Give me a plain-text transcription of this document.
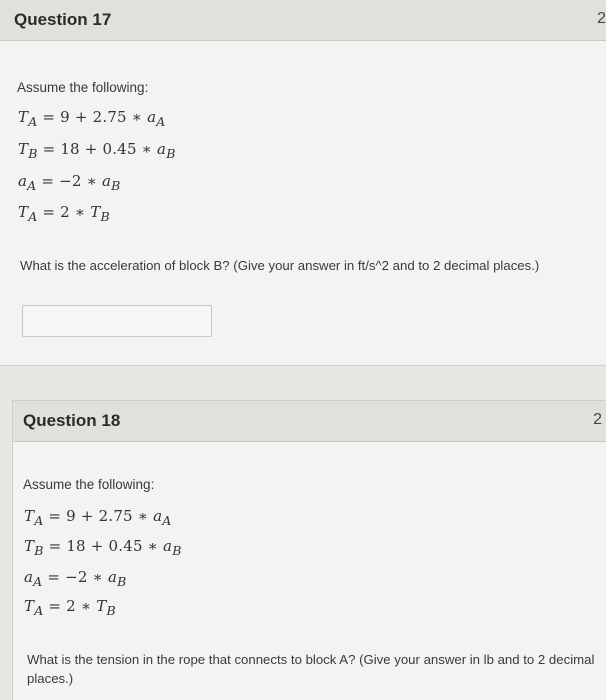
Question 17	2
Assume the following:
$T_A = 9 + 2.75$ ∗ $a_A$
$T_B = 18 + 0.45$ ∗ $a_B$
$a_A = -2$ ∗ $a_B$
$T_A = 2$ ∗ $T_B$
What is the acceleration of block B? (Give your answer in ft/s^2 and to 2 decimal places.)
Question 18	2
Assume the following:
$T_A = 9 + 2.75$ ∗ $a_A$
$T_B = 18 + 0.45$ ∗ $a_B$
$a_A = -2$ ∗ $a_B$
$T_A = 2$ ∗ $T_B$
What is the tension in the rope that connects to block A? (Give your answer in lb and to 2 decimal
places.)
